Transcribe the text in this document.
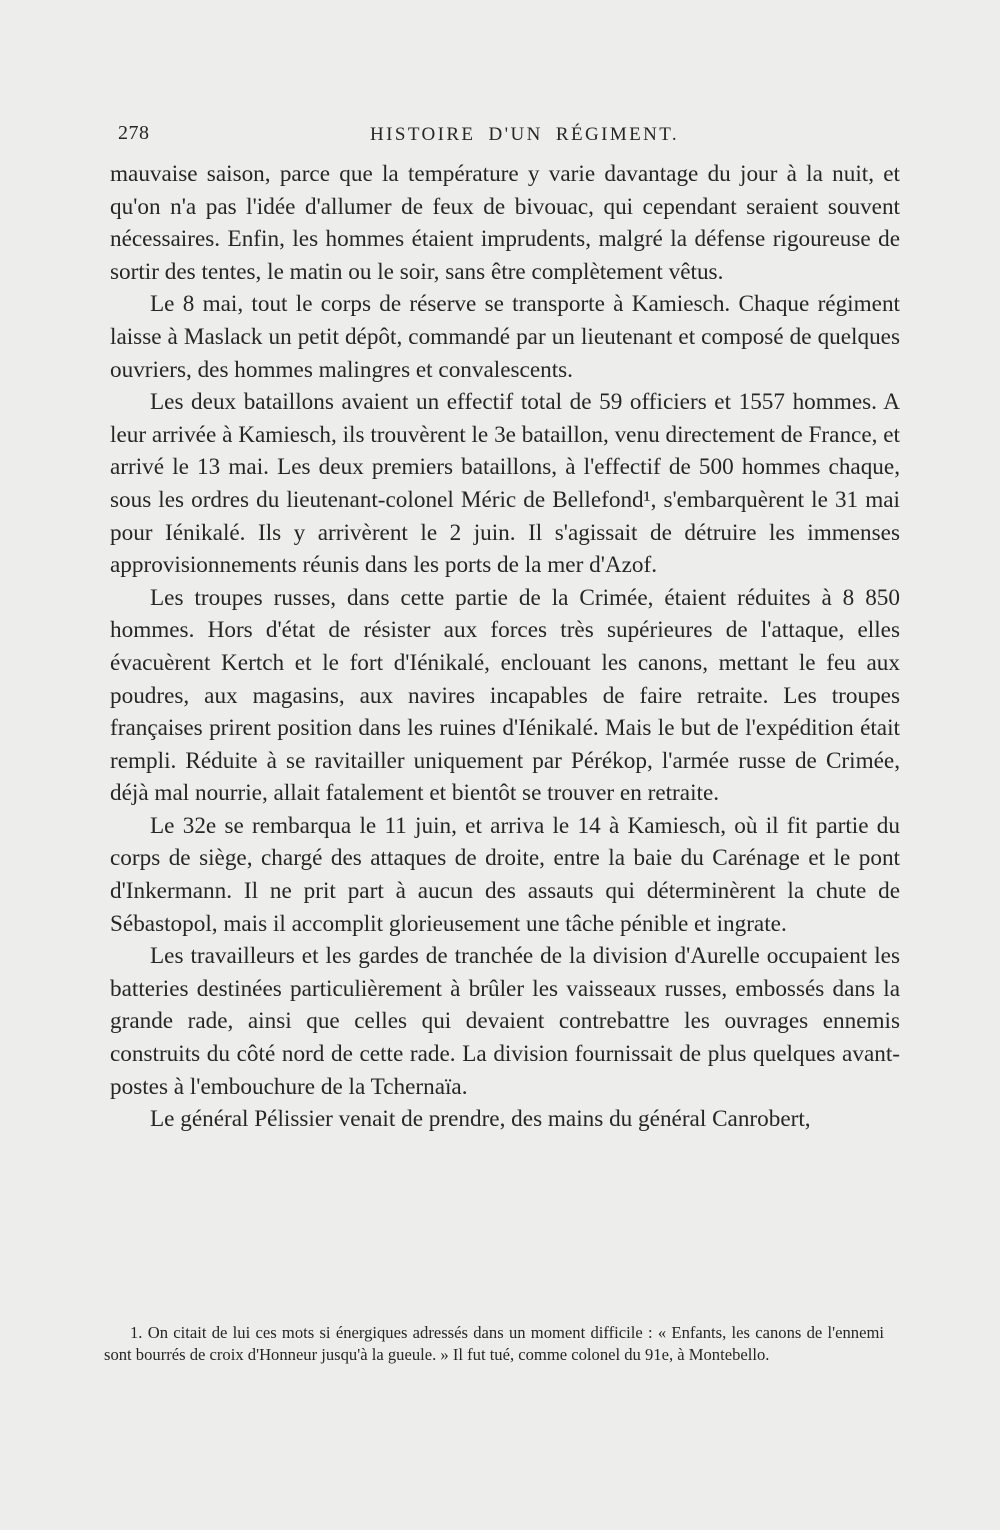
278	HISTOIRE D'UN RÉGIMENT.

mauvaise saison, parce que la température y varie davantage du jour à la nuit, et qu'on n'a pas l'idée d'allumer de feux de bivouac, qui cependant seraient souvent nécessaires. Enfin, les hommes étaient imprudents, malgré la défense rigoureuse de sortir des tentes, le matin ou le soir, sans être complètement vêtus.

Le 8 mai, tout le corps de réserve se transporte à Kamiesch. Chaque régiment laisse à Maslack un petit dépôt, commandé par un lieutenant et composé de quelques ouvriers, des hommes malingres et convalescents.

Les deux bataillons avaient un effectif total de 59 officiers et 1557 hommes. A leur arrivée à Kamiesch, ils trouvèrent le 3e bataillon, venu directement de France, et arrivé le 13 mai. Les deux premiers bataillons, à l'effectif de 500 hommes chaque, sous les ordres du lieutenant-colonel Méric de Bellefond¹, s'embarquèrent le 31 mai pour Iénikalé. Ils y arrivèrent le 2 juin. Il s'agissait de détruire les immenses approvisionnements réunis dans les ports de la mer d'Azof.

Les troupes russes, dans cette partie de la Crimée, étaient réduites à 8 850 hommes. Hors d'état de résister aux forces très supérieures de l'attaque, elles évacuèrent Kertch et le fort d'Iénikalé, enclouant les canons, mettant le feu aux poudres, aux magasins, aux navires incapables de faire retraite. Les troupes françaises prirent position dans les ruines d'Iénikalé. Mais le but de l'expédition était rempli. Réduite à se ravitailler uniquement par Pérékop, l'armée russe de Crimée, déjà mal nourrie, allait fatalement et bientôt se trouver en retraite.

Le 32e se rembarqua le 11 juin, et arriva le 14 à Kamiesch, où il fit partie du corps de siège, chargé des attaques de droite, entre la baie du Carénage et le pont d'Inkermann. Il ne prit part à aucun des assauts qui déterminèrent la chute de Sébastopol, mais il accomplit glorieusement une tâche pénible et ingrate.

Les travailleurs et les gardes de tranchée de la division d'Aurelle occupaient les batteries destinées particulièrement à brûler les vaisseaux russes, embossés dans la grande rade, ainsi que celles qui devaient contrebattre les ouvrages ennemis construits du côté nord de cette rade. La division fournissait de plus quelques avant-postes à l'embouchure de la Tchernaïa.

Le général Pélissier venait de prendre, des mains du général Canrobert,

1. On citait de lui ces mots si énergiques adressés dans un moment difficile : « Enfants, les canons de l'ennemi sont bourrés de croix d'Honneur jusqu'à la gueule. » Il fut tué, comme colonel du 91e, à Montebello.
